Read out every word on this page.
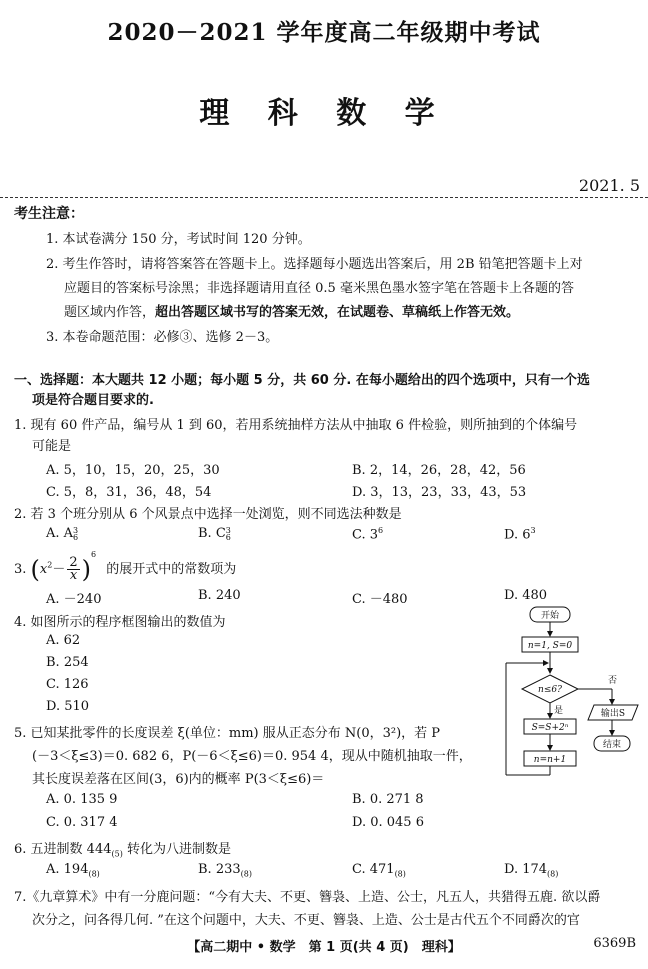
2020－2021 学年度高二年级期中考试
理 科 数 学
2021. 5
考生注意：
1. 本试卷满分 150 分，考试时间 120 分钟。
2. 考生作答时，请将答案答在答题卡上。选择题每小题选出答案后，用 2B 铅笔把答题卡上对
应题目的答案标号涂黑；非选择题请用直径 0.5 毫米黑色墨水签字笔在答题卡上各题的答
题区域内作答，超出答题区域书写的答案无效，在试题卷、草稿纸上作答无效。
3. 本卷命题范围：必修③、选修 2－3。
一、选择题：本大题共 12 小题；每小题 5 分，共 60 分. 在每小题给出的四个选项中，只有一个选
项是符合题目要求的.
1. 现有 60 件产品，编号从 1 到 60，若用系统抽样方法从中抽取 6 件检验，则所抽到的个体编号
可能是
A. 5，10，15，20，25，30	B. 2，14，26，28，42，56
C. 5，8，31，36，48，54	D. 3，13，23，33，43，53
2. 若 3 个班分别从 6 个风景点中选择一处浏览，则不同选法种数是
A. A 3
6	B. C 3
6	C. $3^6$	D. $6^3$
3. $(x^2- \frac{2}{x} )^6$ 的展开式中的常数项为
A. －240	B. 240	C. －480	D. 480
4. 如图所示的程序框图输出的数值为
A. 62
B. 254
C. 126
D. 510
开始
n=1, S=0
n≤6?
否
输出S
结束
是
S=S+2ⁿ
n=n+1
5. 已知某批零件的长度误差 ξ(单位：mm) 服从正态分布 N(0，3²)，若 P
(－3＜ξ≤3)＝0. 682 6，P(－6＜ξ≤6)＝0. 954 4，现从中随机抽取一件，
其长度误差落在区间(3，6)内的概率 P(3＜ξ≤6)＝
A. 0. 135 9	B. 0. 271 8
C. 0. 317 4	D. 0. 045 6
6. 五进制数 $444_{(5)}$ 转化为八进制数是
A. $194_{(8)}$	B. $233_{(8)}$	C. $471_{(8)}$	D. $174_{(8)}$
7.《九章算术》中有一分鹿问题：“今有大夫、不更、簪袅、上造、公士，凡五人，共猎得五鹿. 欲以爵
次分之，问各得几何. ”在这个问题中，大夫、不更、簪袅、上造、公士是古代五个不同爵次的官
【高二期中 • 数学　第 1 页(共 4 页)　理科】	6369B
